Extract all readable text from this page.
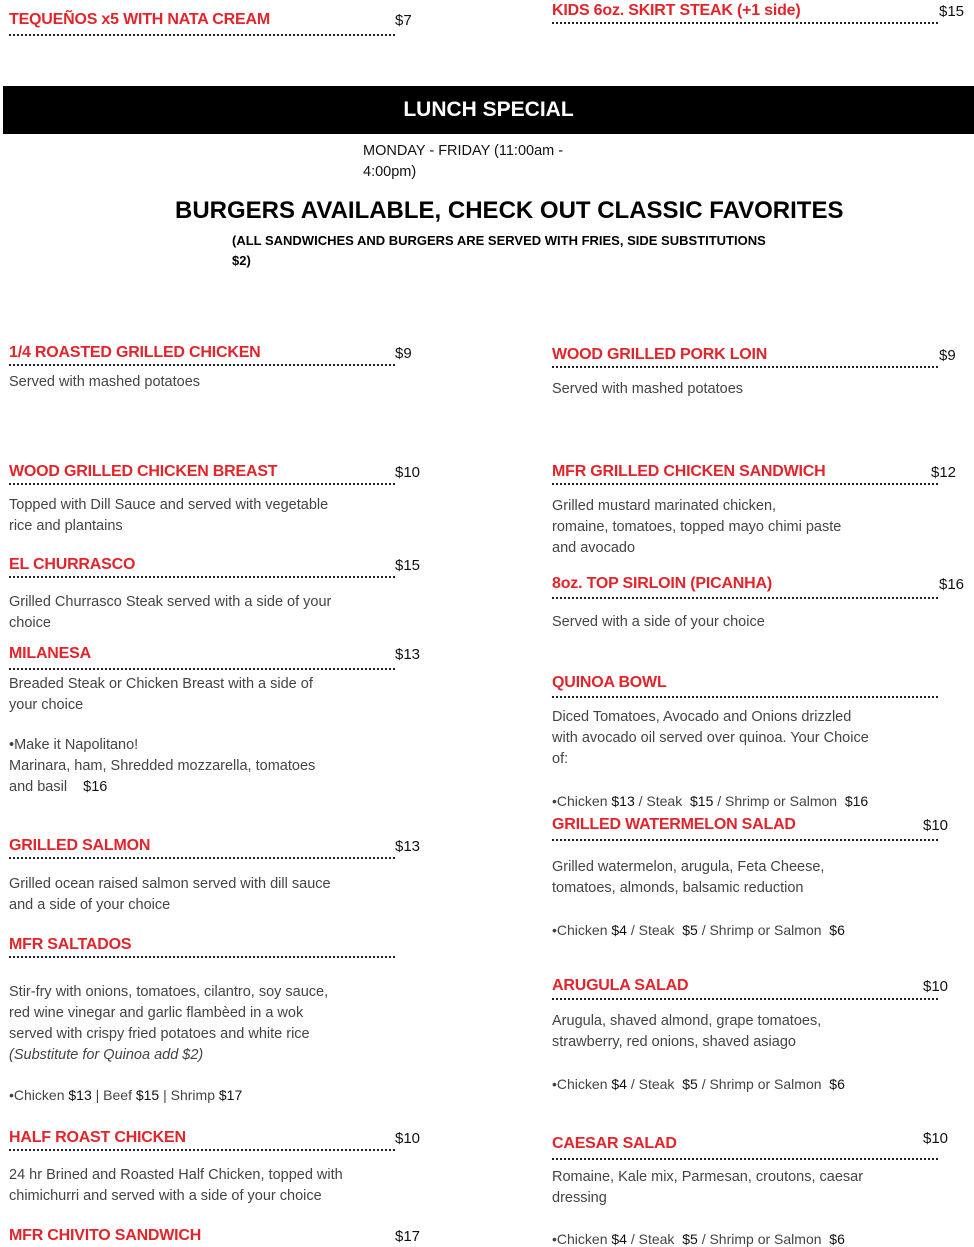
TEQUEÑOS x5 WITH NATA CREAM	$7
KIDS 6oz. SKIRT STEAK (+1 side)	$15
LUNCH SPECIAL
MONDAY - FRIDAY (11:00am -
4:00pm)
BURGERS AVAILABLE, CHECK OUT CLASSIC FAVORITES
(ALL SANDWICHES AND BURGERS ARE SERVED WITH FRIES, SIDE SUBSTITUTIONS
$2)
1/4 ROASTED GRILLED CHICKEN	$9
Served with mashed potatoes
WOOD GRILLED CHICKEN BREAST	$10
Topped with Dill Sauce and served with vegetable
rice and plantains
EL CHURRASCO	$15
Grilled Churrasco Steak served with a side of your
choice
MILANESA	$13
Breaded Steak or Chicken Breast with a side of
your choice
•Make it Napolitano!
Marinara, ham, Shredded mozzarella, tomatoes
and basil $16
GRILLED SALMON	$13
Grilled ocean raised salmon served with dill sauce
and a side of your choice
MFR SALTADOS
Stir-fry with onions, tomatoes, cilantro, soy sauce,
red wine vinegar and garlic flambèed in a wok
served with crispy fried potatoes and white rice
(Substitute for Quinoa add $2)
•Chicken $13 | Beef $15 | Shrimp $17
HALF ROAST CHICKEN	$10
24 hr Brined and Roasted Half Chicken, topped with
chimichurri and served with a side of your choice
MFR CHIVITO SANDWICH	$17
WOOD GRILLED PORK LOIN	$9
Served with mashed potatoes
MFR GRILLED CHICKEN SANDWICH	$12
Grilled mustard marinated chicken,
romaine, tomatoes, topped mayo chimi paste
and avocado
8oz. TOP SIRLOIN (PICANHA)	$16
Served with a side of your choice
QUINOA BOWL
Diced Tomatoes, Avocado and Onions drizzled
with avocado oil served over quinoa. Your Choice
of:
•Chicken $13 / Steak $15 / Shrimp or Salmon $16
GRILLED WATERMELON SALAD	$10
Grilled watermelon, arugula, Feta Cheese,
tomatoes, almonds, balsamic reduction
•Chicken $4 / Steak $5 / Shrimp or Salmon $6
ARUGULA SALAD	$10
Arugula, shaved almond, grape tomatoes,
strawberry, red onions, shaved asiago
•Chicken $4 / Steak $5 / Shrimp or Salmon $6
CAESAR SALAD	$10
Romaine, Kale mix, Parmesan, croutons, caesar
dressing
•Chicken $4 / Steak $5 / Shrimp or Salmon $6
